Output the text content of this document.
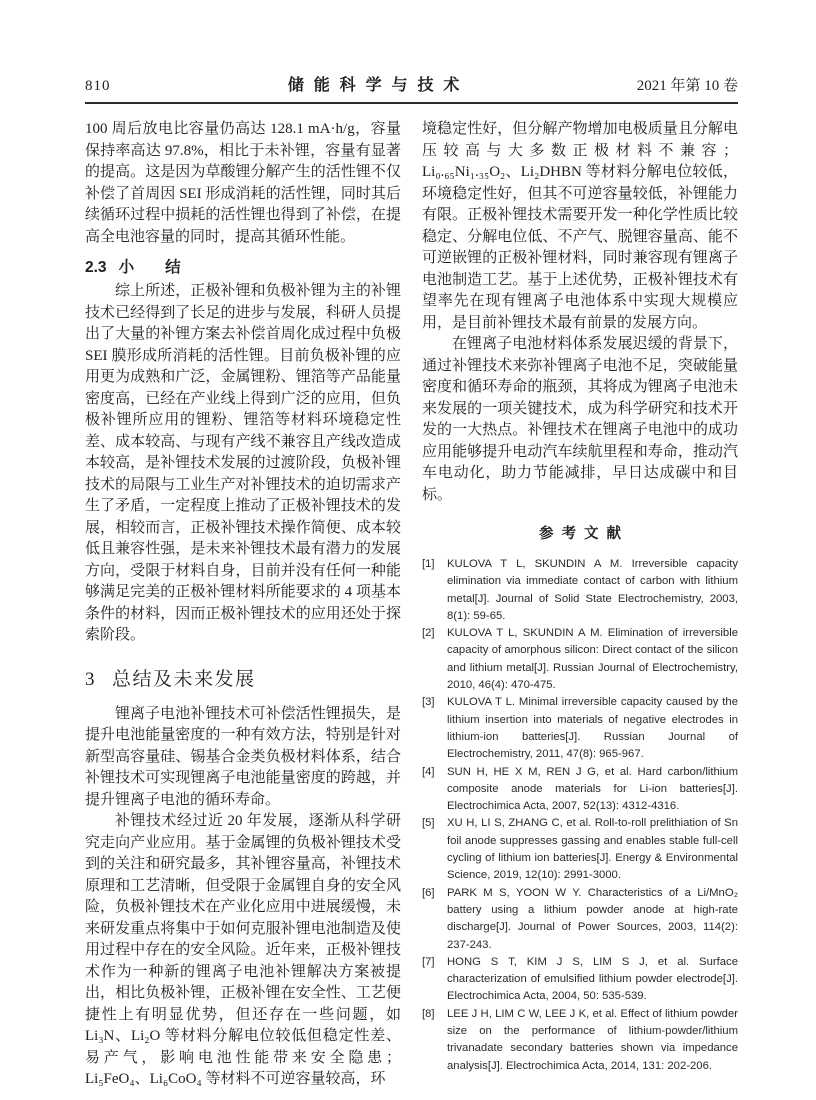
810	储能科学与技术	2021 年第 10 卷

100 周后放电比容量仍高达 128.1 mA·h/g，容量保持率高达 97.8%，相比于未补锂，容量有显著的提高。这是因为草酸锂分解产生的活性锂不仅补偿了首周因 SEI 形成消耗的活性锂，同时其后续循环过程中损耗的活性锂也得到了补偿，在提高全电池容量的同时，提高其循环性能。

2.3 小　　结

综上所述，正极补锂和负极补锂为主的补锂技术已经得到了长足的进步与发展，科研人员提出了大量的补锂方案去补偿首周化成过程中负极 SEI 膜形成所消耗的活性锂。目前负极补锂的应用更为成熟和广泛，金属锂粉、锂箔等产品能量密度高，已经在产业线上得到广泛的应用，但负极补锂所应用的锂粉、锂箔等材料环境稳定性差、成本较高、与现有产线不兼容且产线改造成本较高，是补锂技术发展的过渡阶段，负极补锂技术的局限与工业生产对补锂技术的迫切需求产生了矛盾，一定程度上推动了正极补锂技术的发展，相较而言，正极补锂技术操作简便、成本较低且兼容性强，是未来补锂技术最有潜力的发展方向，受限于材料自身，目前并没有任何一种能够满足完美的正极补锂材料所能要求的 4 项基本条件的材料，因而正极补锂技术的应用还处于探索阶段。

3 总结及未来发展

锂离子电池补锂技术可补偿活性锂损失，是提升电池能量密度的一种有效方法，特别是针对新型高容量硅、锡基合金类负极材料体系，结合补锂技术可实现锂离子电池能量密度的跨越，并提升锂离子电池的循环寿命。

补锂技术经过近 20 年发展，逐渐从科学研究走向产业应用。基于金属锂的负极补锂技术受到的关注和研究最多，其补锂容量高，补锂技术原理和工艺清晰，但受限于金属锂自身的安全风险，负极补锂技术在产业化应用中进展缓慢，未来研发重点将集中于如何克服补锂电池制造及使用过程中存在的安全风险。近年来，正极补锂技术作为一种新的锂离子电池补锂解决方案被提出，相比负极补锂，正极补锂在安全性、工艺便捷性上有明显优势，但还存在一些问题，如 Li₃N、Li₂O 等材料分解电位较低但稳定性差、易产气，影响电池性能带来安全隐患；Li₅FeO₄、Li₆CoO₄ 等材料不可逆容量较高，环

境稳定性好，但分解产物增加电极质量且分解电压较高与大多数正极材料不兼容；Li₀.₆₅Ni₁.₃₅O₂、Li₂DHBN 等材料分解电位较低，环境稳定性好，但其不可逆容量较低，补锂能力有限。正极补锂技术需要开发一种化学性质比较稳定、分解电位低、不产气、脱锂容量高、能不可逆嵌锂的正极补锂材料，同时兼容现有锂离子电池制造工艺。基于上述优势，正极补锂技术有望率先在现有锂离子电池体系中实现大规模应用，是目前补锂技术最有前景的发展方向。

在锂离子电池材料体系发展迟缓的背景下，通过补锂技术来弥补锂离子电池不足，突破能量密度和循环寿命的瓶颈，其将成为锂离子电池未来发展的一项关键技术，成为科学研究和技术开发的一大热点。补锂技术在锂离子电池中的成功应用能够提升电动汽车续航里程和寿命，推动汽车电动化，助力节能减排，早日达成碳中和目标。

参考文献
[1]	KULOVA T L, SKUNDIN A M. Irreversible capacity elimination via immediate contact of carbon with lithium metal[J]. Journal of Solid State Electrochemistry, 2003, 8(1): 59-65.
[2]	KULOVA T L, SKUNDIN A M. Elimination of irreversible capacity of amorphous silicon: Direct contact of the silicon and lithium metal[J]. Russian Journal of Electrochemistry, 2010, 46(4): 470-475.
[3]	KULOVA T L. Minimal irreversible capacity caused by the lithium insertion into materials of negative electrodes in lithium-ion batteries[J]. Russian Journal of Electrochemistry, 2011, 47(8): 965-967.
[4]	SUN H, HE X M, REN J G, et al. Hard carbon/lithium composite anode materials for Li-ion batteries[J]. Electrochimica Acta, 2007, 52(13): 4312-4316.
[5]	XU H, LI S, ZHANG C, et al. Roll-to-roll prelithiation of Sn foil anode suppresses gassing and enables stable full-cell cycling of lithium ion batteries[J]. Energy & Environmental Science, 2019, 12(10): 2991-3000.
[6]	PARK M S, YOON W Y. Characteristics of a Li/MnO₂ battery using a lithium powder anode at high-rate discharge[J]. Journal of Power Sources, 2003, 114(2): 237-243.
[7]	HONG S T, KIM J S, LIM S J, et al. Surface characterization of emulsified lithium powder electrode[J]. Electrochimica Acta, 2004, 50: 535-539.
[8]	LEE J H, LIM C W, LEE J K, et al. Effect of lithium powder size on the performance of lithium-powder/lithium trivanadate secondary batteries shown via impedance analysis[J]. Electrochimica Acta, 2014, 131: 202-206.
